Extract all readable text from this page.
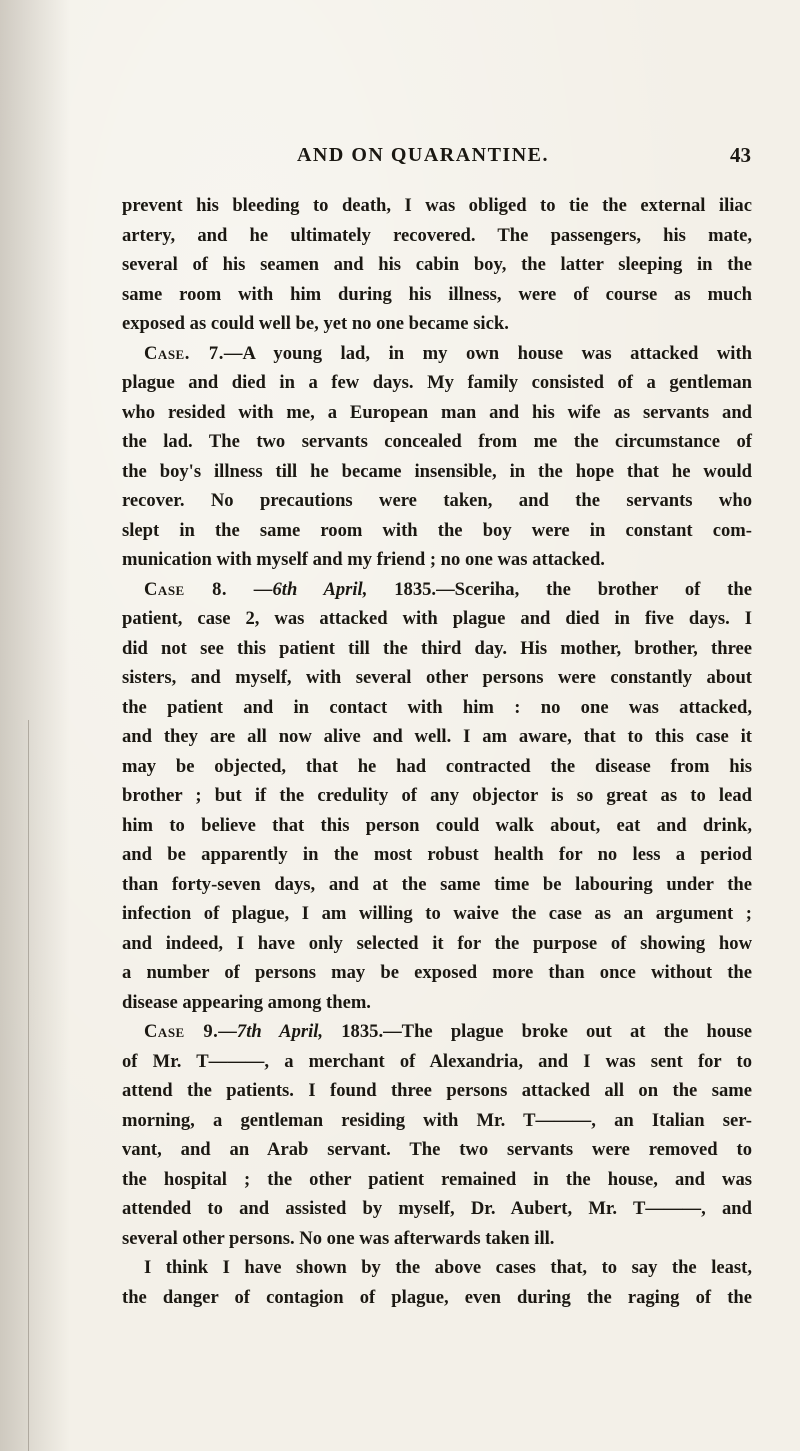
AND ON QUARANTINE.	43
prevent his bleeding to death, I was obliged to tie the external iliac
artery, and he ultimately recovered. The passengers, his mate,
several of his seamen and his cabin boy, the latter sleeping in the
same room with him during his illness, were of course as much
exposed as could well be, yet no one became sick.
Case. 7.—A young lad, in my own house was attacked with
plague and died in a few days. My family consisted of a gentleman
who resided with me, a European man and his wife as servants and
the lad. The two servants concealed from me the circumstance of
the boy's illness till he became insensible, in the hope that he would
recover. No precautions were taken, and the servants who
slept in the same room with the boy were in constant com-
munication with myself and my friend ; no one was attacked.
Case 8. —6th April, 1835.—Sceriha, the brother of the
patient, case 2, was attacked with plague and died in five days. I
did not see this patient till the third day. His mother, brother, three
sisters, and myself, with several other persons were constantly about
the patient and in contact with him : no one was attacked,
and they are all now alive and well. I am aware, that to this case it
may be objected, that he had contracted the disease from his
brother ; but if the credulity of any objector is so great as to lead
him to believe that this person could walk about, eat and drink,
and be apparently in the most robust health for no less a period
than forty-seven days, and at the same time be labouring under the
infection of plague, I am willing to waive the case as an argument ;
and indeed, I have only selected it for the purpose of showing how
a number of persons may be exposed more than once without the
disease appearing among them.
Case 9.—7th April, 1835.—The plague broke out at the house
of Mr. T———, a merchant of Alexandria, and I was sent for to
attend the patients. I found three persons attacked all on the same
morning, a gentleman residing with Mr. T———, an Italian ser-
vant, and an Arab servant. The two servants were removed to
the hospital ; the other patient remained in the house, and was
attended to and assisted by myself, Dr. Aubert, Mr. T———, and
several other persons. No one was afterwards taken ill.
I think I have shown by the above cases that, to say the least,
the danger of contagion of plague, even during the raging of the
